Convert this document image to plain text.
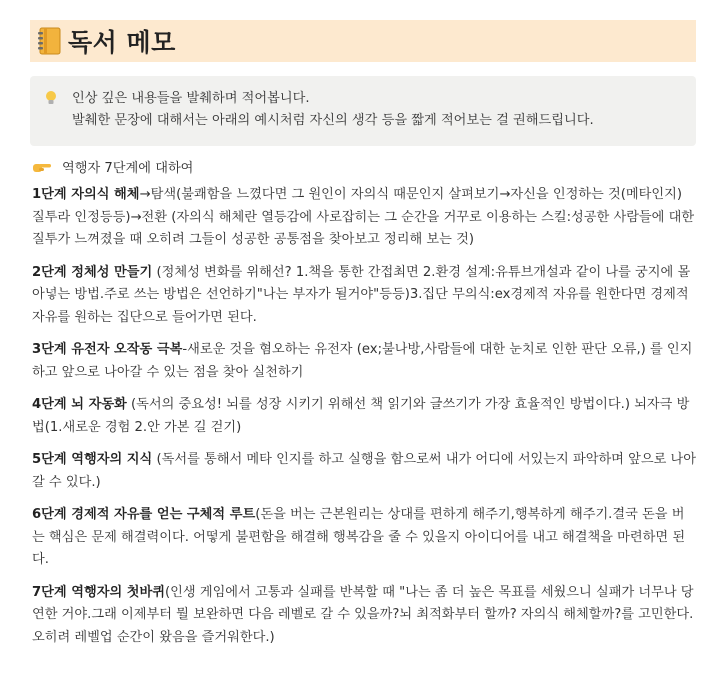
독서 메모
인상 깊은 내용들을 발췌하며 적어봅니다.
발췌한 문장에 대해서는 아래의 예시처럼 자신의 생각 등을 짧게 적어보는 걸 권해드립니다.
역행자 7단계에 대하여

1단계 자의식 해체→탐색(불쾌함을 느꼈다면 그 원인이 자의식 때문인지 살펴보기→자신을 인정하는 것(메타인지) 질투라 인정등등)→전환 (자의식 해체란 열등감에 사로잡히는 그 순간을 거꾸로 이용하는 스킬:성공한 사람들에 대한 질투가 느껴졌을 때 오히려 그들이 성공한 공통점을 찾아보고 정리해 보는 것)

2단계 정체성 만들기 (정체성 변화를 위해선? 1.책을 통한 간접최면 2.환경 설계:유튜브개설과 같이 나를 궁지에 몰아넣는 방법.주로 쓰는 방법은 선언하기"나는 부자가 될거야"등등)3.집단 무의식:ex경제적 자유를 원한다면 경제적 자유를 원하는 집단으로 들어가면 된다.

3단계 유전자 오작동 극복-새로운 것을 혐오하는 유전자 (ex;불나방,사람들에 대한 눈치로 인한 판단 오류,) 를 인지하고 앞으로 나아갈 수 있는 점을 찾아 실천하기

4단계 뇌 자동화 (독서의 중요성! 뇌를 성장 시키기 위해선 책 읽기와 글쓰기가 가장 효율적인 방법이다.) 뇌자극 방법(1.새로운 경험 2.안 가본 길 걷기)

5단계 역행자의 지식 (독서를 통해서 메타 인지를 하고 실행을 함으로써 내가 어디에 서있는지 파악하며 앞으로 나아갈 수 있다.)

6단계 경제적 자유를 얻는 구체적 루트(돈을 버는 근본원리는 상대를 편하게 해주기,행복하게 해주기.결국 돈을 버는 핵심은 문제 해결력이다. 어떻게 불편함을 해결해 행복감을 줄 수 있을지 아이디어를 내고 해결책을 마련하면 된다.

7단계 역행자의 첫바퀴(인생 게임에서 고통과 실패를 반복할 때 "나는 좀 더 높은 목표를 세웠으니 실패가 너무나 당연한 거야.그래 이제부터 뭘 보완하면 다음 레벨로 갈 수 있을까?뇌 최적화부터 할까? 자의식 해체할까?를 고민한다.오히려 레벨업 순간이 왔음을 즐거워한다.)
